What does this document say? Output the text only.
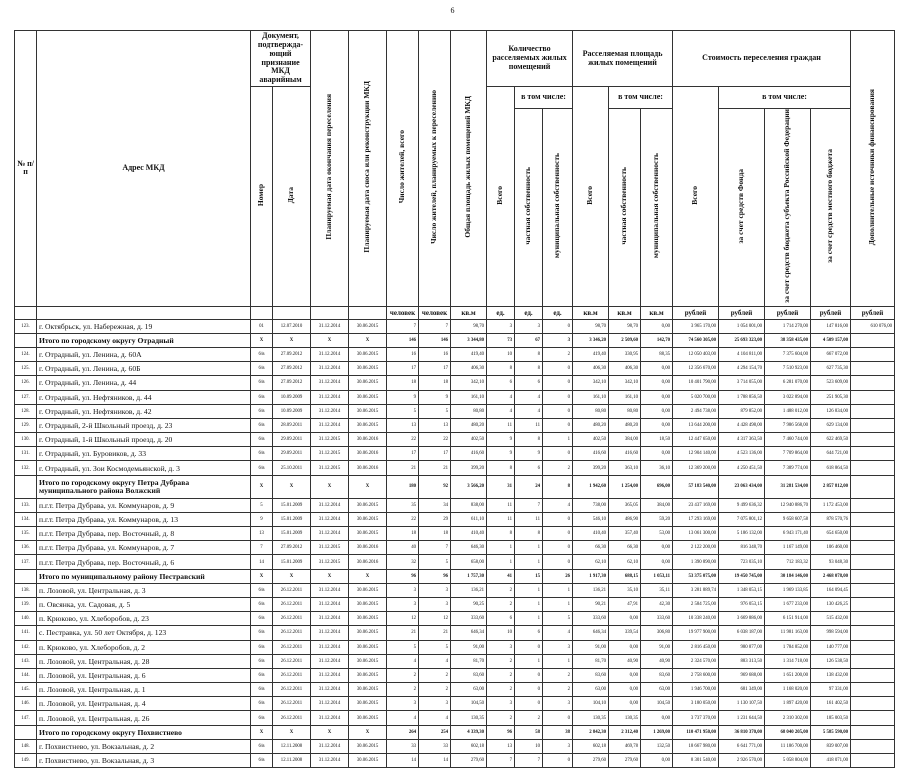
6
№ п/п	Адрес МКД	Документ, подтвержда- ющий признание МКД аварийным		Планируемая дата окончания переселения	Планируемая дата сноса или реконструкции МКД	Число жителей, всего	Число жителей, планируемых к переселению	Общая площадь жилых помещений МКД	Количество расселяемых жилых помещений			Расселяемая площадь жилых помещений			Стоимость переселения граждан				Дополнительные источники финансирования
		Номер	Дата						Всего	в том числе:		Всего	в том числе:		Всего	в том числе:			
										частная собственность	муниципальная собственность		частная собственность	муниципальная собственность		за счет средств Фонда	за счет средств бюджета субъекта Российской Федерации	за счет средств местного бюджета	
						человек	человек	кв.м	ед.	ед.	ед.	кв.м	кв.м	кв.м	рублей	рублей	рублей	рублей	рублей
123.	г. Октябрьск, ул. Набережная, д. 19	01	12.07.2010	31.12.2014	30.06.2015	7	7	98,70	3	3	0	98,70	98,70	0,00	3 965 170,00	1 054 001,00	1 714 270,00	147 816,00	610 076,00
	Итого по городскому округу Отрадный	X	X	X	X	146	146	3 344,80	73	67	3	3 346,20	2 509,60	142,70	74 560 305,00	25 693 323,00	38 358 435,00	4 509 157,00	
124.	г. Отрадный, ул. Ленина, д. 60А	6/в	27.09.2012	31.12.2014	30.06.2015	16	16	419,40	10	8	2	419,40	330,95	88,35	12 050 403,00	4 104 811,00	7 375 604,00	667 072,00	
125.	г. Отрадный, ул. Ленина, д. 60Б	6/в	27.09.2012	31.12.2014	30.06.2015	17	17	406,30	8	8	0	406,30	406,30	0,00	12 356 670,00	4 294 154,70	7 510 923,00	627 735,30	
126.	г. Отрадный, ул. Ленина, д. 44	6/в	27.09.2012	31.12.2014	30.06.2015	18	18	342,10	6	6	0	342,10	342,10	0,00	10 401 790,00	3 714 055,00	6 281 070,00	523 609,00	
127.	г. Отрадный, ул. Нефтяников, д. 44	6/в	10.09.2009	31.12.2014	30.06.2015	9	9	161,10	4	4	0	161,10	161,10	0,00	5 020 700,00	1 788 856,50	3 022 894,00	251 905,30	
128.	г. Отрадный, ул. Нефтяников, д. 42	6/в	10.09.2009	31.12.2014	30.06.2015	5	5	80,80	4	4	0	80,80	80,80	0,00	2 494 738,00	879 852,00	1 488 012,00	126 834,00	
129.	г. Отрадный, 2-й Школьный проезд, д. 23	6/в	28.09.2011	31.12.2014	30.06.2015	13	13	480,20	11	11	0	480,20	480,20	0,00	13 644 200,00	4 428 498,00	7 986 568,00	629 134,00	
130.	г. Отрадный, 1-й Школьный проезд, д. 20	6/в	29.09.2011	31.12.2015	30.06.2016	22	22	402,50	9	8	1	402,50	384,00	18,50	12 447 650,00	4 317 363,50	7 460 744,00	622 469,50	
131.	г. Отрадный, ул. Буровиков, д. 33	6/в	29.09.2011	31.12.2015	30.06.2016	17	17	416,60	9	9	0	416,60	416,60	0,00	12 904 140,00	4 523 136,00	7 709 864,00	644 721,00	
132.	г. Отрадный, ул. Зои Космодемьянской, д. 3	6/в	25.10.2011	31.12.2015	30.06.2016	21	21	399,20	8	6	2	399,20	363,10	36,10	12 369 200,00	4 250 451,50	7 389 774,00	618 864,50	
	Итого по городскому округу Петра Дубрава муниципального района Волжский	X	X	X	X	180	92	3 566,20	31	24	8	1 942,60	1 254,00	696,00	57 183 540,00	23 063 434,00	31 281 534,00	2 857 812,00	
133.	п.г.т. Петра Дубрава, ул. Коммунаров, д. 9	5	15.01.2009	31.12.2014	30.06.2015	35	34	838,00	11	7	4	738,00	365,05	384,00	23 437 169,00	9 499 636,32	12 940 886,70	1 172 453,00	
134.	п.г.т. Петра Дубрава, ул. Коммунаров, д. 13	9	15.01.2009	31.12.2014	30.06.2015	22	29	611,10	11	11	0	546,10	486,90	59,20	17 293 169,00	7 075 801,12	9 658 607,58	878 570,76	
135.	п.г.т. Петра Дубрава, пер. Восточный, д. 8	13	15.01.2009	31.12.2014	30.06.2015	18	18	410,40	8	8	0	410,40	357,40	53,00	13 061 300,00	5 186 132,00	6 943 171,40	654 650,00	
136.	п.г.т. Петра Дубрава, ул. Коммунаров, д. 7	7	27.09.2012	31.12.2015	30.06.2016	40	7	646,30	1	1	0	66,30	66,30	0,00	2 122 200,00	816 348,70	1 167 149,00	106 460,00	
137.	п.г.т. Петра Дубрава, пер. Восточный, д. 6	14	15.01.2009	31.12.2015	30.06.2016	32	5	658,00	1	1	0	62,10	62,10	0,00	1 390 890,00	723 035,10	712 183,32	93 048,30	
	Итого по муниципальному району Пестравский	X	X	X	X	96	96	1 757,30	41	15	26	1 917,30	688,15	1 053,11	53 375 075,00	19 450 745,00	30 184 146,00	2 468 078,00	
138.	п. Лозовой, ул. Центральная, д. 3	6/в	26.12.2011	31.12.2014	30.06.2015	3	3	136,21	2	1	1	136,21	35,10	35,11	3 281 889,74	1 348 053,15	1 969 133,85	164 094,45	
139.	п. Овсянка, ул. Садовая, д. 5	6/в	26.12.2011	31.12.2014	30.06.2015	3	3	90,25	2	1	1	90,21	47,91	42,30	2 584 725,00	976 053,15	1 677 233,00	130 426,25	
140.	п. Крюково, ул. Хлеборобов, д. 23	6/в	26.12.2011	31.12.2014	30.06.2015	12	12	333,60	6	1	5	333,60	0,00	333,60	10 338 240,00	3 669 886,00	6 151 914,00	515 432,00	
141.	с. Пестравка, ул. 50 лет Октября, д. 123	6/в	26.12.2011	31.12.2014	30.06.2015	21	21	646,34	10	6	4	646,34	339,54	306,80	19 977 900,00	6 038 187,00	11 981 163,00	998 594,00	
142.	п. Крюково, ул. Хлеборобов, д. 2	6/в	26.12.2011	31.12.2014	30.06.2015	5	5	91,00	3	0	3	91,00	0,00	91,00	2 816 450,00	980 877,00	1 784 852,00	140 777,00	
143.	п. Лозовой, ул. Центральная, д. 28	6/в	26.12.2011	31.12.2014	30.06.2015	4	4	81,70	2	1	1	81,70	40,90	40,90	2 324 570,00	883 313,50	1 314 718,00	126 538,50	
144.	п. Лозовой, ул. Центральная, д. 6	6/в	26.12.2011	31.12.2014	30.06.2015	2	2	83,60	2	0	2	83,60	0,00	83,60	2 758 600,00	969 688,00	1 651 200,00	138 432,00	
145.	п. Лозовой, ул. Центральная, д. 1	6/в	26.12.2011	31.12.2014	30.06.2015	2	2	63,00	2	0	2	63,00	0,00	63,00	1 946 700,00	681 349,00	1 168 020,00	97 331,00	
146.	п. Лозовой, ул. Центральная, д. 4	6/в	26.12.2011	31.12.2014	30.06.2015	3	3	104,50	3	0	3	104,10	0,00	104,50	3 180 050,00	1 130 107,50	1 897 420,00	161 402,50	
147.	п. Лозовой, ул. Центральная, д. 26	6/в	26.12.2011	31.12.2014	30.06.2015	4	4	130,35	2	2	0	130,35	130,35	0,00	3 737 370,00	1 231 644,50	2 310 302,00	185 003,50	
	Итого по городскому округу Похвистнево	X	X	X	X	264	254	4 339,30	96	58	38	2 842,30	2 312,40	1 269,00	110 471 950,00	36 810 370,00	68 040 205,00	5 585 590,00	
148.	г. Похвистнево, ул. Вокзальная, д. 2	6/в	12.11.2008	31.12.2014	30.06.2015	33	33	602,18	13	10	3	602,18	469,78	132,50	18 667 980,00	6 641 771,00	11 186 700,00	839 007,00	
149.	г. Похвистнево, ул. Вокзальная, д. 3	6/в	12.11.2008	31.12.2014	30.06.2015	14	14	279,60	7	7	0	279,60	279,60	0,00	8 301 540,00	2 926 570,00	5 058 804,00	418 071,00	
